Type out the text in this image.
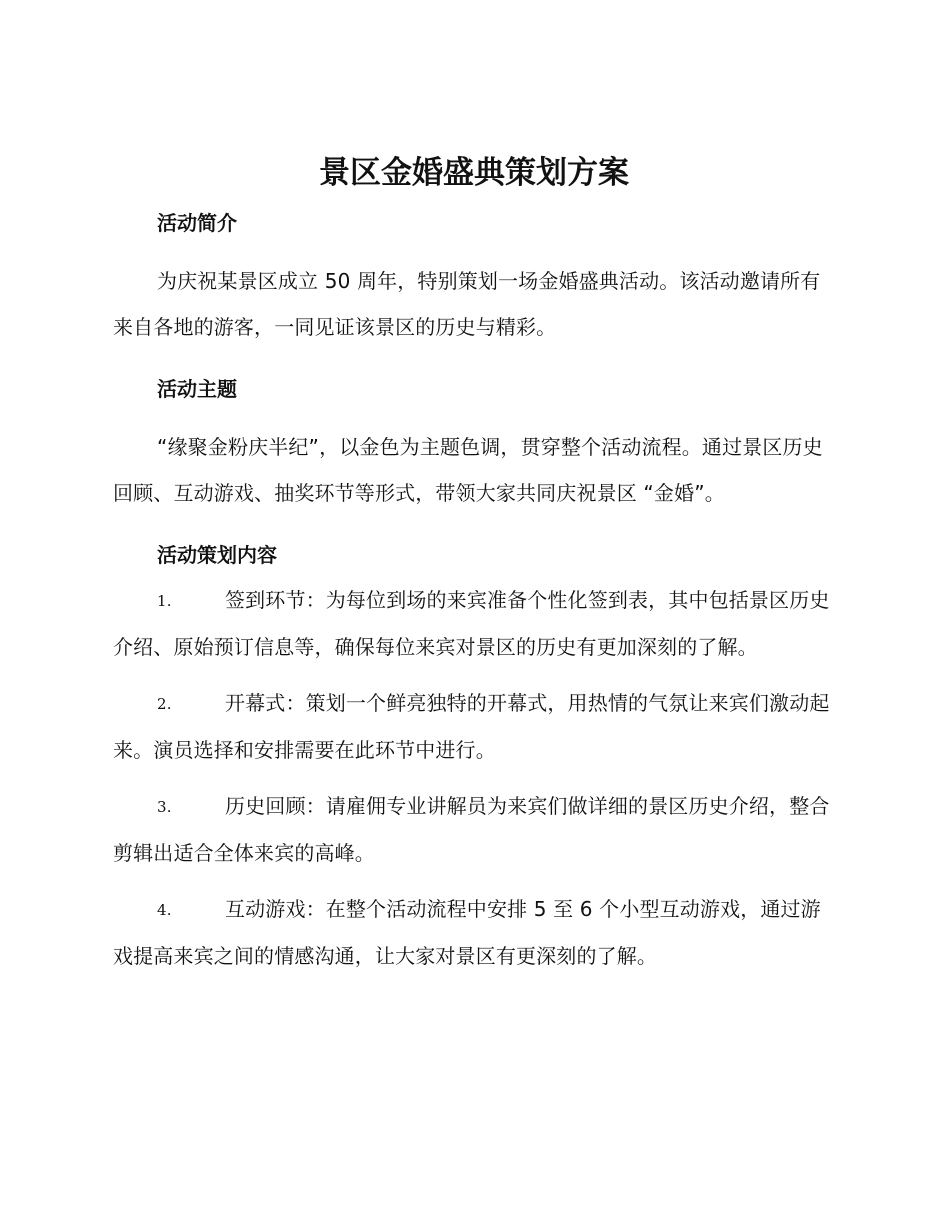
景区金婚盛典策划方案
活动简介

为庆祝某景区成立 50 周年，特别策划一场金婚盛典活动。该活动邀请所有来自各地的游客，一同见证该景区的历史与精彩。

活动主题

“缘聚金粉庆半纪”，以金色为主题色调，贯穿整个活动流程。通过景区历史回顾、互动游戏、抽奖环节等形式，带领大家共同庆祝景区 “金婚”。

活动策划内容
1.	签到环节：为每位到场的来宾准备个性化签到表，其中包括景区历史介绍、原始预订信息等，确保每位来宾对景区的历史有更加深刻的了解。
2.	开幕式：策划一个鲜亮独特的开幕式，用热情的气氛让来宾们激动起来。演员选择和安排需要在此环节中进行。
3.	历史回顾：请雇佣专业讲解员为来宾们做详细的景区历史介绍，整合剪辑出适合全体来宾的高峰。
4.	互动游戏：在整个活动流程中安排 5 至 6 个小型互动游戏，通过游戏提高来宾之间的情感沟通，让大家对景区有更深刻的了解。
